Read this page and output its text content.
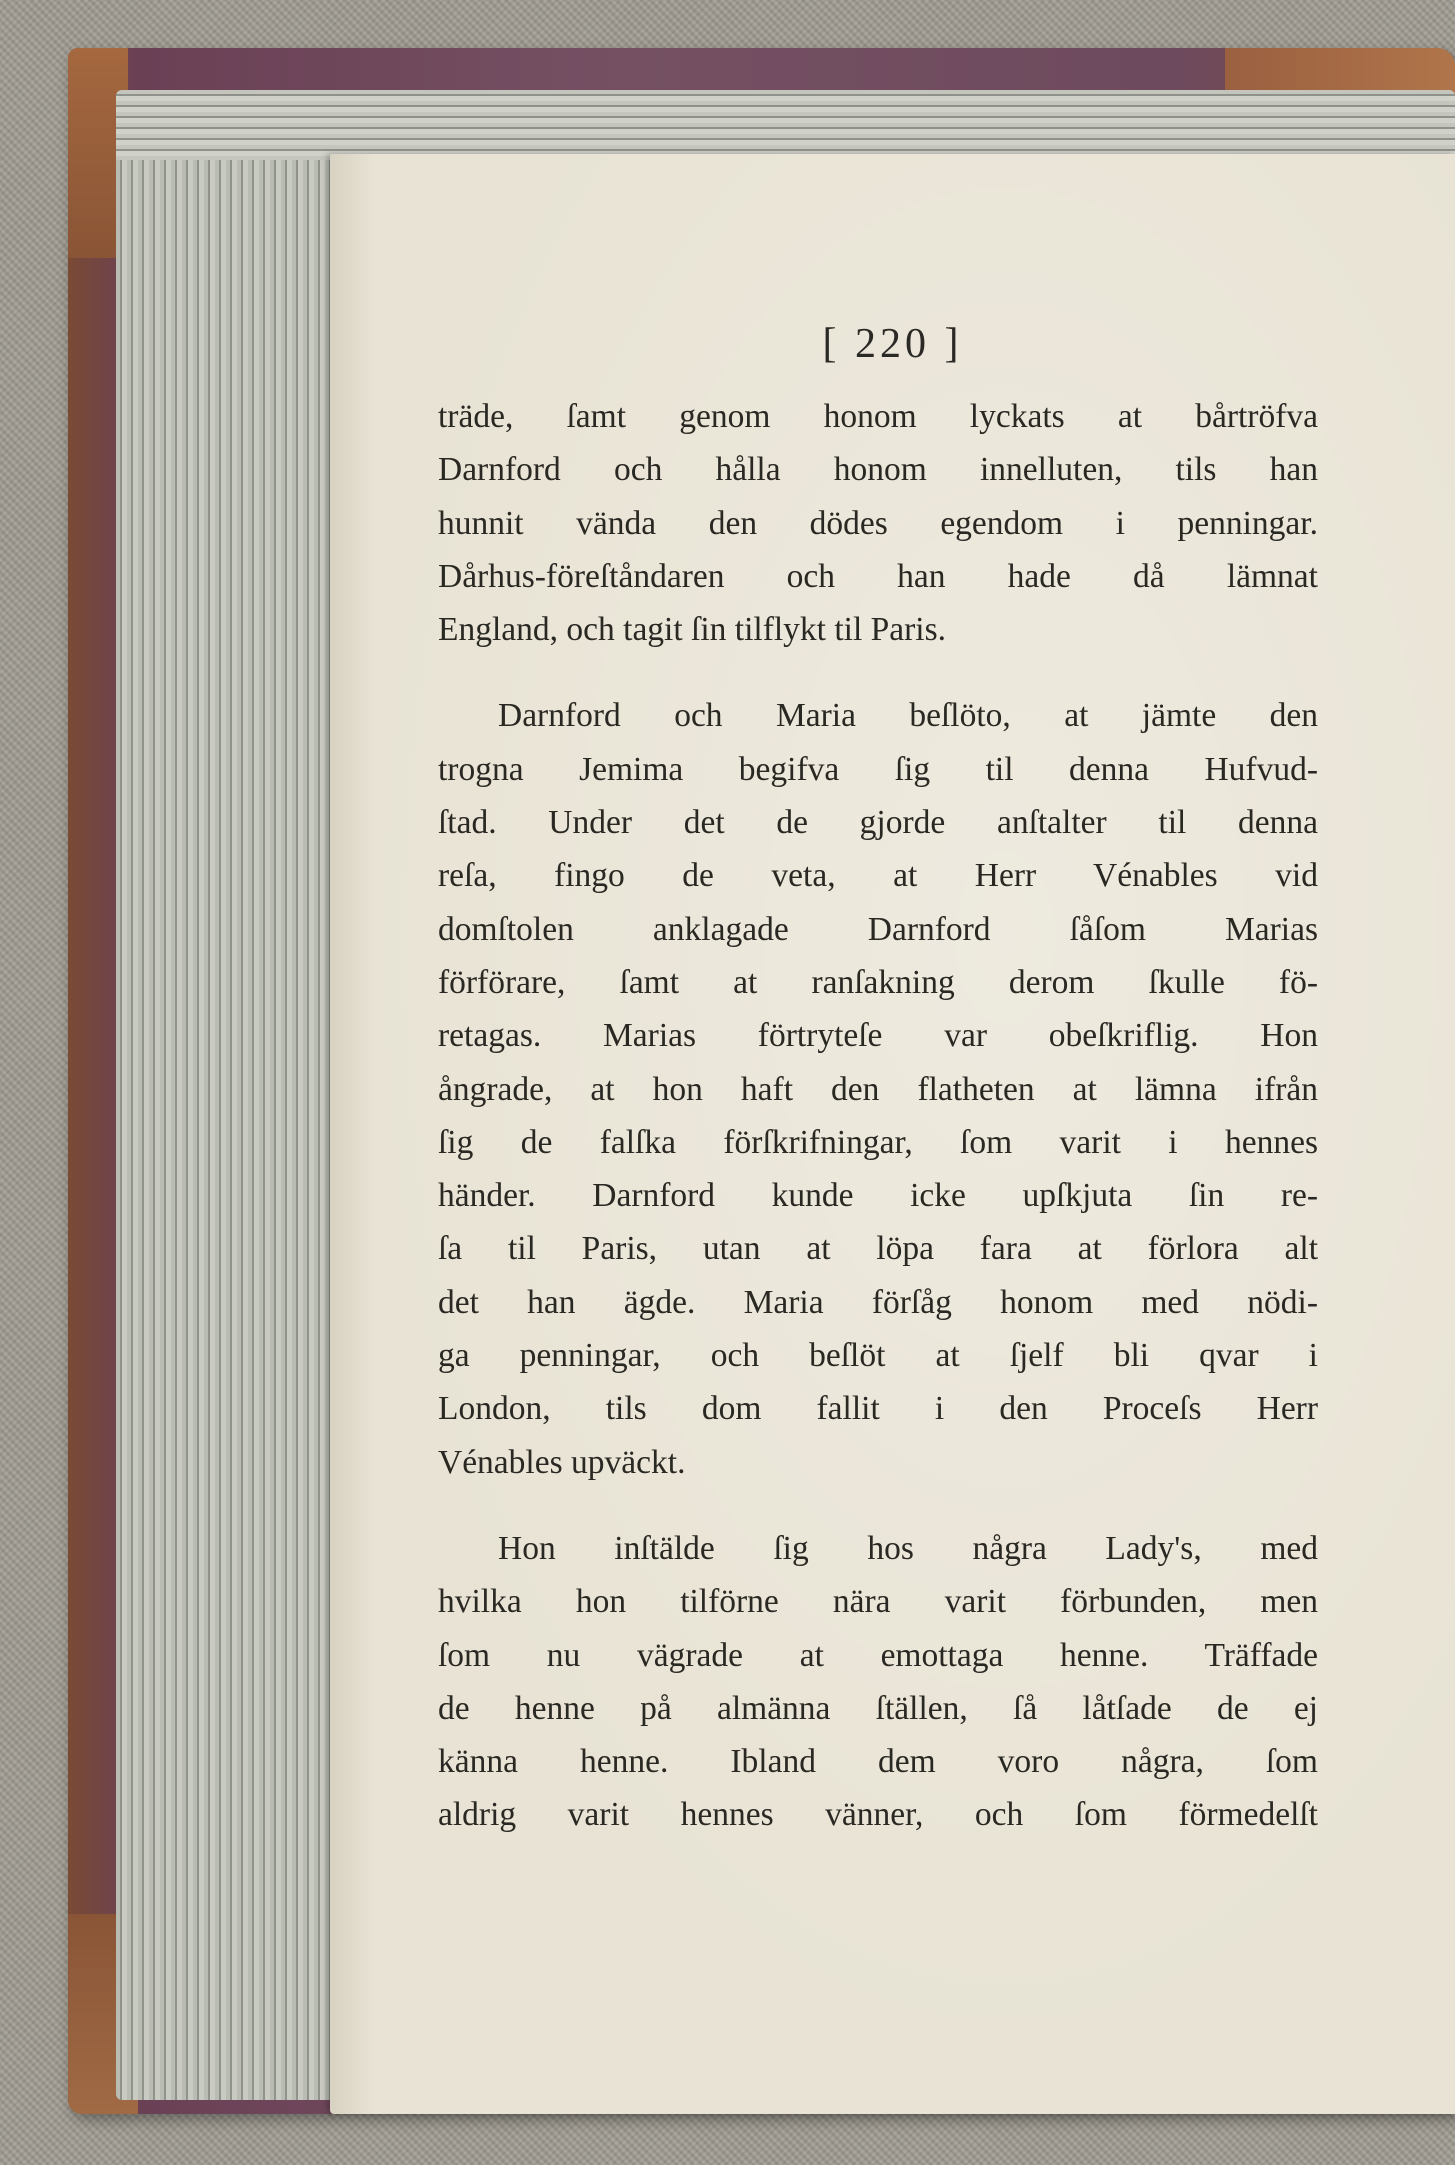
[ 220 ]
träde, ſamt genom honom lyckats at bårtröfva
Darnford och hålla honom innelluten, tils han
hunnit vända den dödes egendom i penningar.
Dårhus-föreſtåndaren och han hade då lämnat
England, och tagit ſin tilflykt til Paris.
Darnford och Maria beſlöto, at jämte den
trogna Jemima begifva ſig til denna Hufvud-
ſtad. Under det de gjorde anſtalter til denna
reſa, fingo de veta, at Herr Vénables vid
domſtolen anklagade Darnford ſåſom Marias
förförare, ſamt at ranſakning derom ſkulle fö-
retagas. Marias förtryteſe var obeſkriflig. Hon
ångrade, at hon haft den flatheten at lämna ifrån
ſig de falſka förſkrifningar, ſom varit i hennes
händer. Darnford kunde icke upſkjuta ſin re-
ſa til Paris, utan at löpa fara at förlora alt
det han ägde. Maria förſåg honom med nödi-
ga penningar, och beſlöt at ſjelf bli qvar i
London, tils dom fallit i den Proceſs Herr
Vénables upväckt.
Hon inſtälde ſig hos några Lady's, med
hvilka hon tilförne nära varit förbunden, men
ſom nu vägrade at emottaga henne. Träffade
de henne på almänna ſtällen, ſå låtſade de ej
känna henne. Ibland dem voro några, ſom
aldrig varit hennes vänner, och ſom förmedelſt
